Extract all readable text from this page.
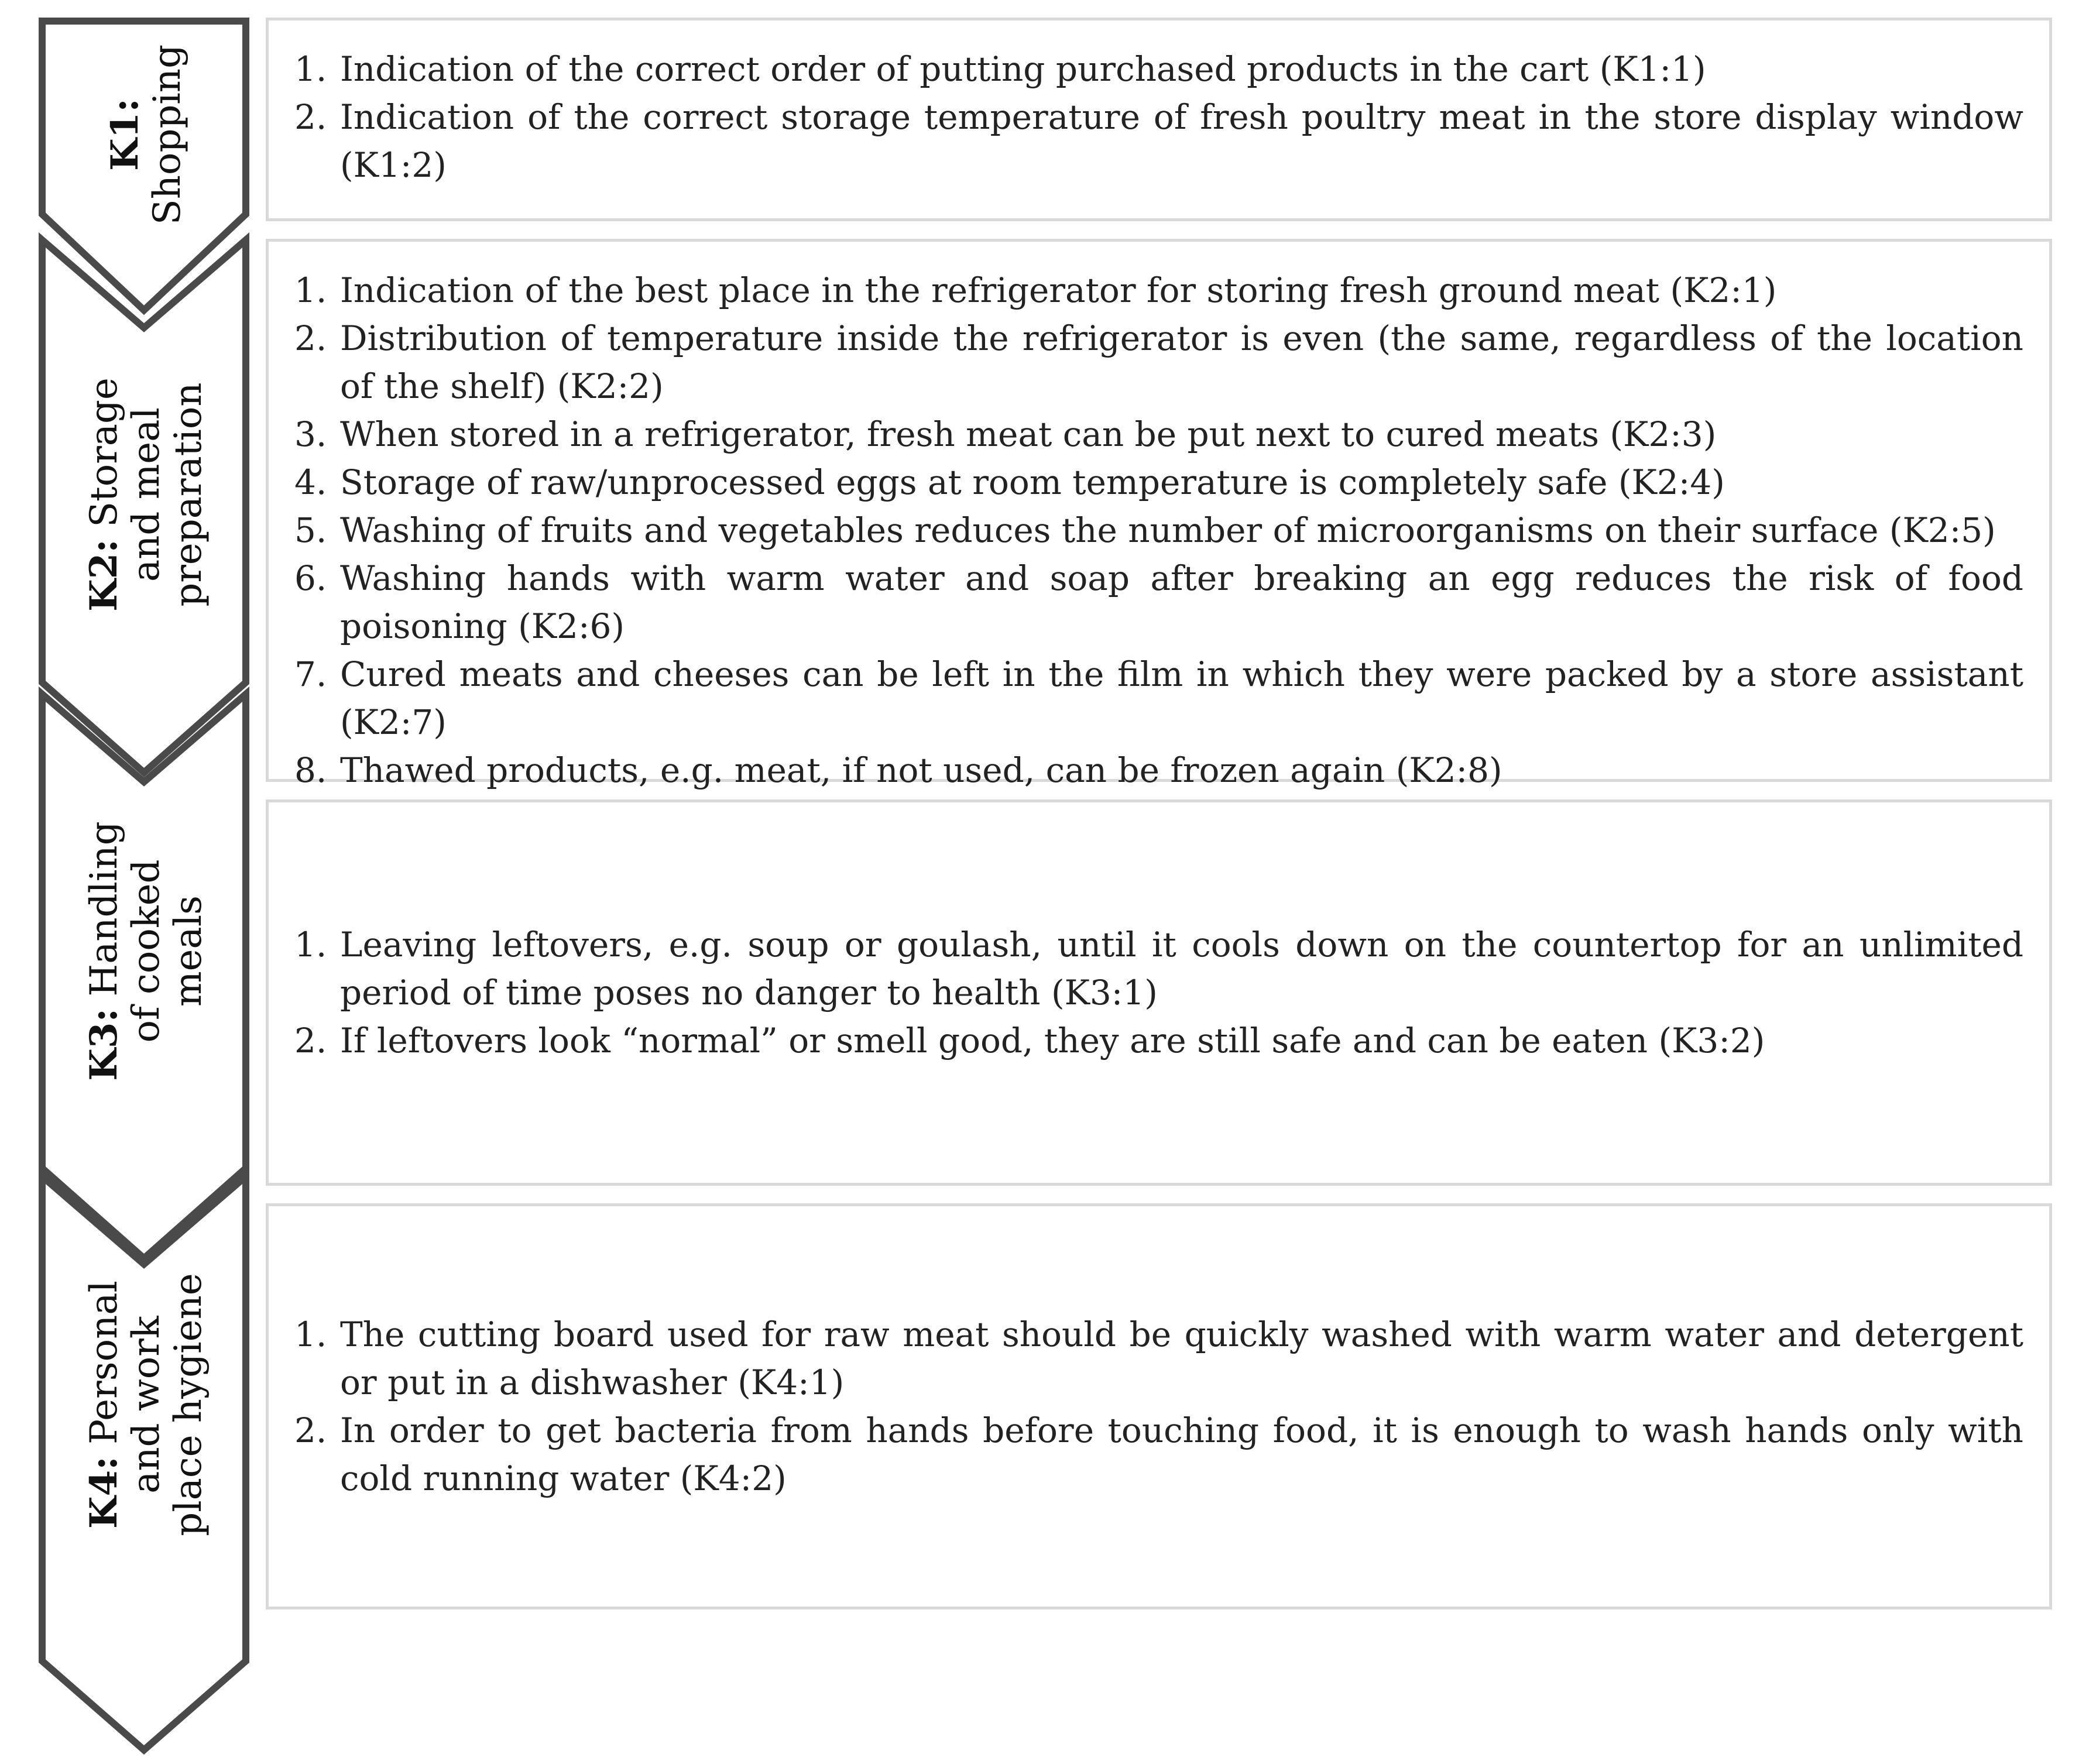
K1:
Shopping
K2: Storage
and meal
preparation
K3: Handling
of cooked
meals
K4: Personal
and work
place hygiene
1. Indication of the correct order of putting purchased products in the cart (K1:1)
2. Indication of the correct storage temperature of fresh poultry meat in the store display window (K1:2)
1. Indication of the best place in the refrigerator for storing fresh ground meat (K2:1)
2. Distribution of temperature inside the refrigerator is even (the same, regardless of the location of the shelf) (K2:2)
3. When stored in a refrigerator, fresh meat can be put next to cured meats (K2:3)
4. Storage of raw/unprocessed eggs at room temperature is completely safe (K2:4)
5. Washing of fruits and vegetables reduces the number of microorganisms on their surface (K2:5)
6. Washing hands with warm water and soap after breaking an egg reduces the risk of food poisoning (K2:6)
7. Cured meats and cheeses can be left in the film in which they were packed by a store assistant (K2:7)
8. Thawed products, e.g. meat, if not used, can be frozen again (K2:8)
1. Leaving leftovers, e.g. soup or goulash, until it cools down on the countertop for an unlimited period of time poses no danger to health (K3:1)
2. If leftovers look “normal” or smell good, they are still safe and can be eaten (K3:2)
1. The cutting board used for raw meat should be quickly washed with warm water and detergent or put in a dishwasher (K4:1)
2. In order to get bacteria from hands before touching food, it is enough to wash hands only with cold running water (K4:2)
